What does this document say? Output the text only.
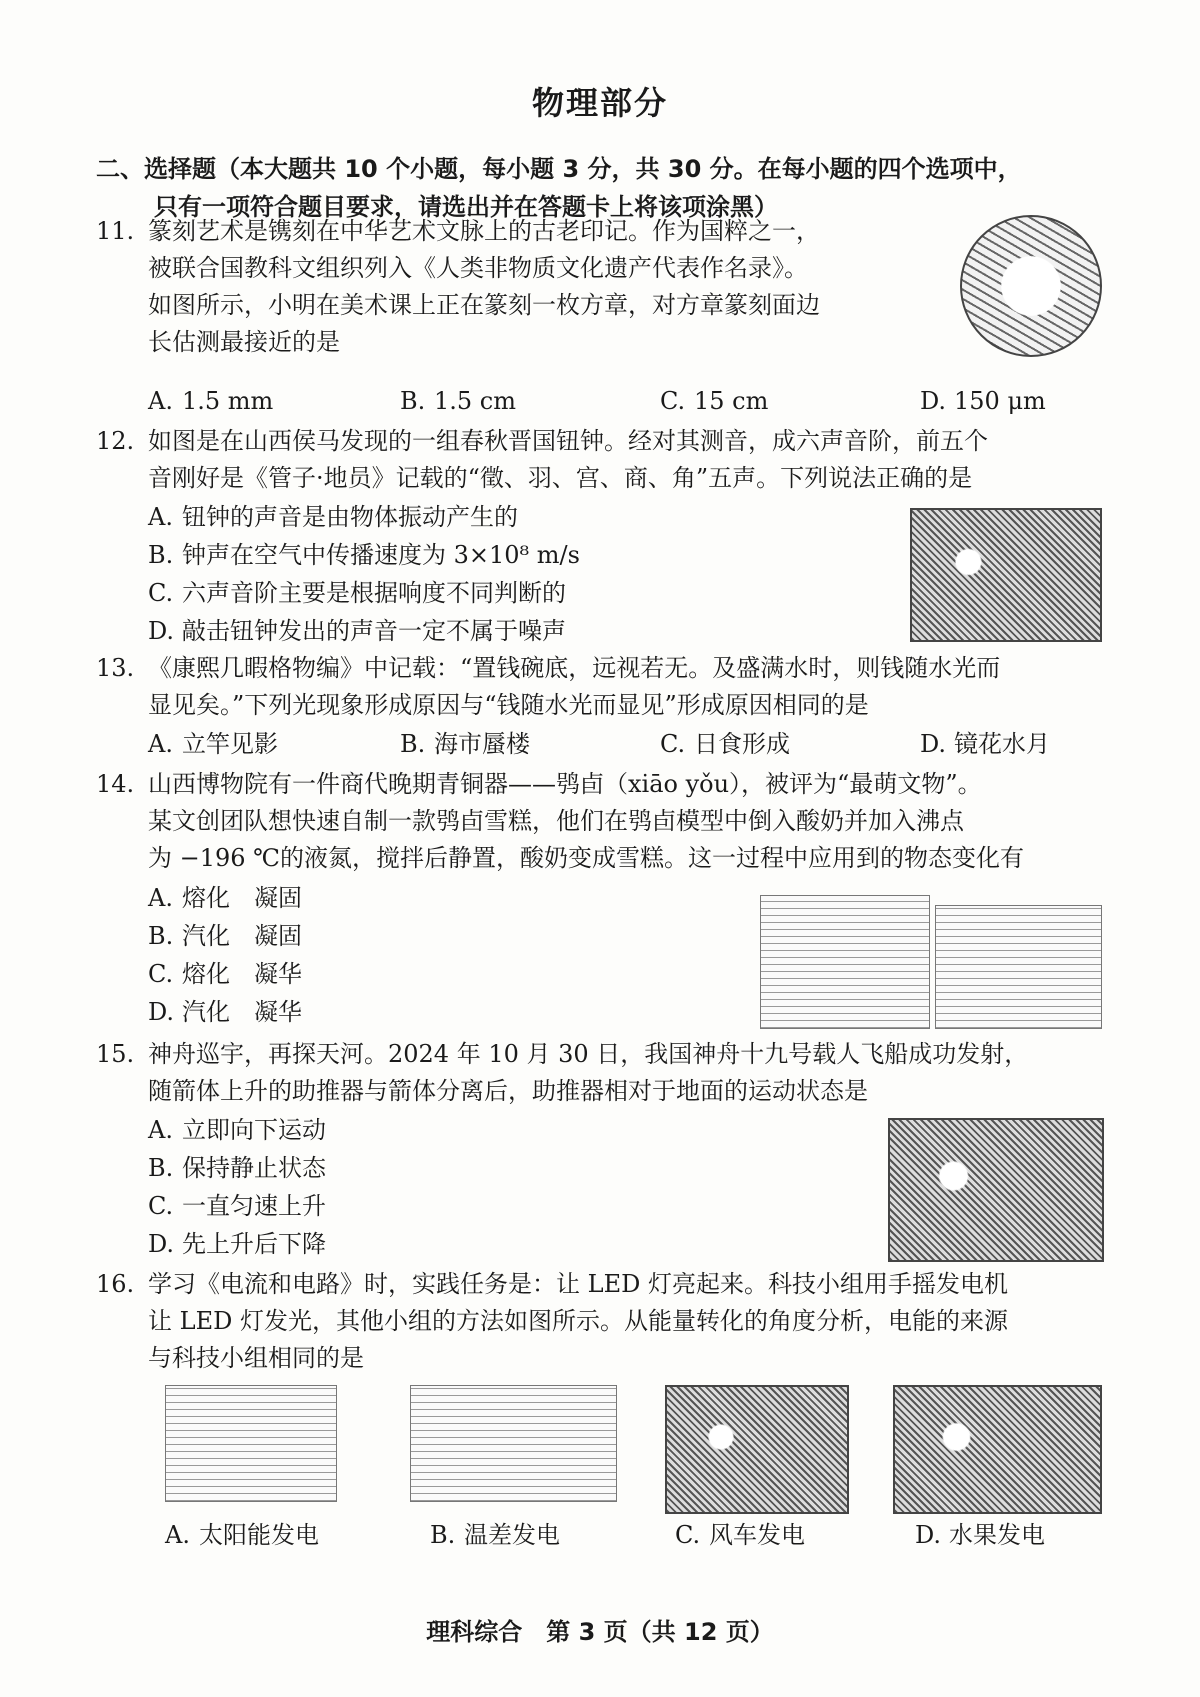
物理部分
二、选择题（本大题共 10 个小题，每小题 3 分，共 30 分。在每小题的四个选项中，
只有一项符合题目要求，请选出并在答题卡上将该项涂黑）
11. 篆刻艺术是镌刻在中华艺术文脉上的古老印记。作为国粹之一，
被联合国教科文组织列入《人类非物质文化遗产代表作名录》。
如图所示，小明在美术课上正在篆刻一枚方章，对方章篆刻面边
长估测最接近的是
A. 1.5 mm	B. 1.5 cm	C. 15 cm	D. 150 μm
12. 如图是在山西侯马发现的一组春秋晋国钮钟。经对其测音，成六声音阶，前五个
音刚好是《管子·地员》记载的“徵、羽、宫、商、角”五声。下列说法正确的是
A. 钮钟的声音是由物体振动产生的
B. 钟声在空气中传播速度为 3×10⁸ m/s
C. 六声音阶主要是根据响度不同判断的
D. 敲击钮钟发出的声音一定不属于噪声
13. 《康熙几暇格物编》中记载：“置钱碗底，远视若无。及盛满水时，则钱随水光而
显见矣。”下列光现象形成原因与“钱随水光而显见”形成原因相同的是
A. 立竿见影	B. 海市蜃楼	C. 日食形成	D. 镜花水月
14. 山西博物院有一件商代晚期青铜器——鸮卣（xiāo yǒu），被评为“最萌文物”。
某文创团队想快速自制一款鸮卣雪糕，他们在鸮卣模型中倒入酸奶并加入沸点
为 −196 ℃的液氮，搅拌后静置，酸奶变成雪糕。这一过程中应用到的物态变化有
A. 熔化　凝固
B. 汽化　凝固
C. 熔化　凝华
D. 汽化　凝华
15. 神舟巡宇，再探天河。2024 年 10 月 30 日，我国神舟十九号载人飞船成功发射，
随箭体上升的助推器与箭体分离后，助推器相对于地面的运动状态是
A. 立即向下运动
B. 保持静止状态
C. 一直匀速上升
D. 先上升后下降
16. 学习《电流和电路》时，实践任务是：让 LED 灯亮起来。科技小组用手摇发电机
让 LED 灯发光，其他小组的方法如图所示。从能量转化的角度分析，电能的来源
与科技小组相同的是
A. 太阳能发电	B. 温差发电	C. 风车发电	D. 水果发电
理科综合　第 3 页（共 12 页）
